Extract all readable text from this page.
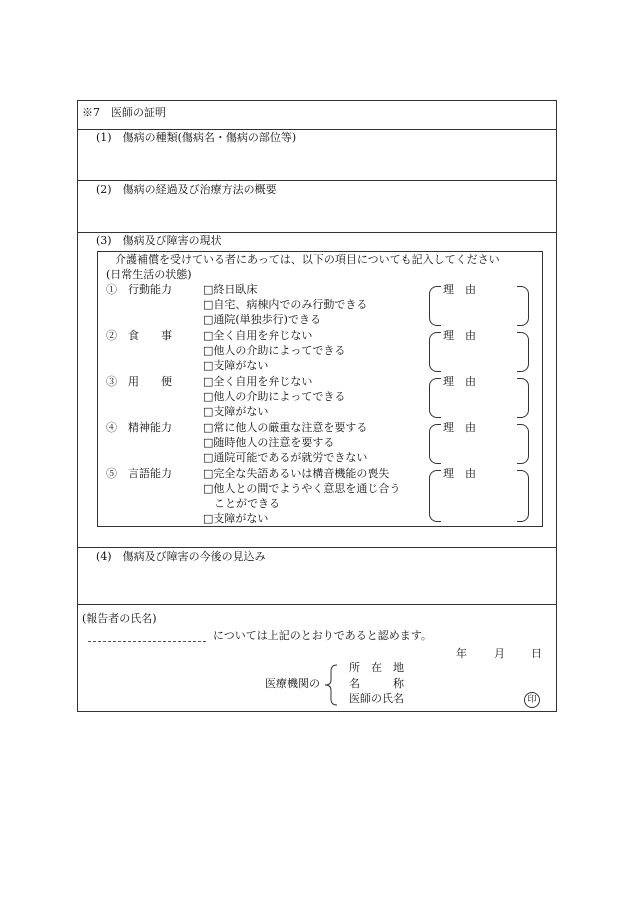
※7　医師の証明
(1)　傷病の種類(傷病名・傷病の部位等)
(2)　傷病の経過及び治療方法の概要
(3)　傷病及び障害の現状
(4)　傷病及び障害の今後の見込み
介護補償を受けている者にあっては、以下の項目についても記入してください
(日常生活の状態)
①　行動能力	□終日臥床
□自宅、病棟内でのみ行動できる
□通院(単独歩行)できる
理　由
②　食　　事	□全く自用を弁じない
□他人の介助によってできる
□支障がない
理　由
③　用　　便	□全く自用を弁じない
□他人の介助によってできる
□支障がない
理　由
④　精神能力	□常に他人の厳重な注意を要する
□随時他人の注意を要する
□通院可能であるが就労できない
理　由
⑤　言語能力	□完全な失語あるいは構音機能の喪失
□他人との間でようやく意思を通じ合う
　ことができる
□支障がない
理　由
(報告者の氏名)
については上記のとおりであると認めます。
年 月 日
医療機関の
所　在　地
名　　　称
医師の氏名	印
